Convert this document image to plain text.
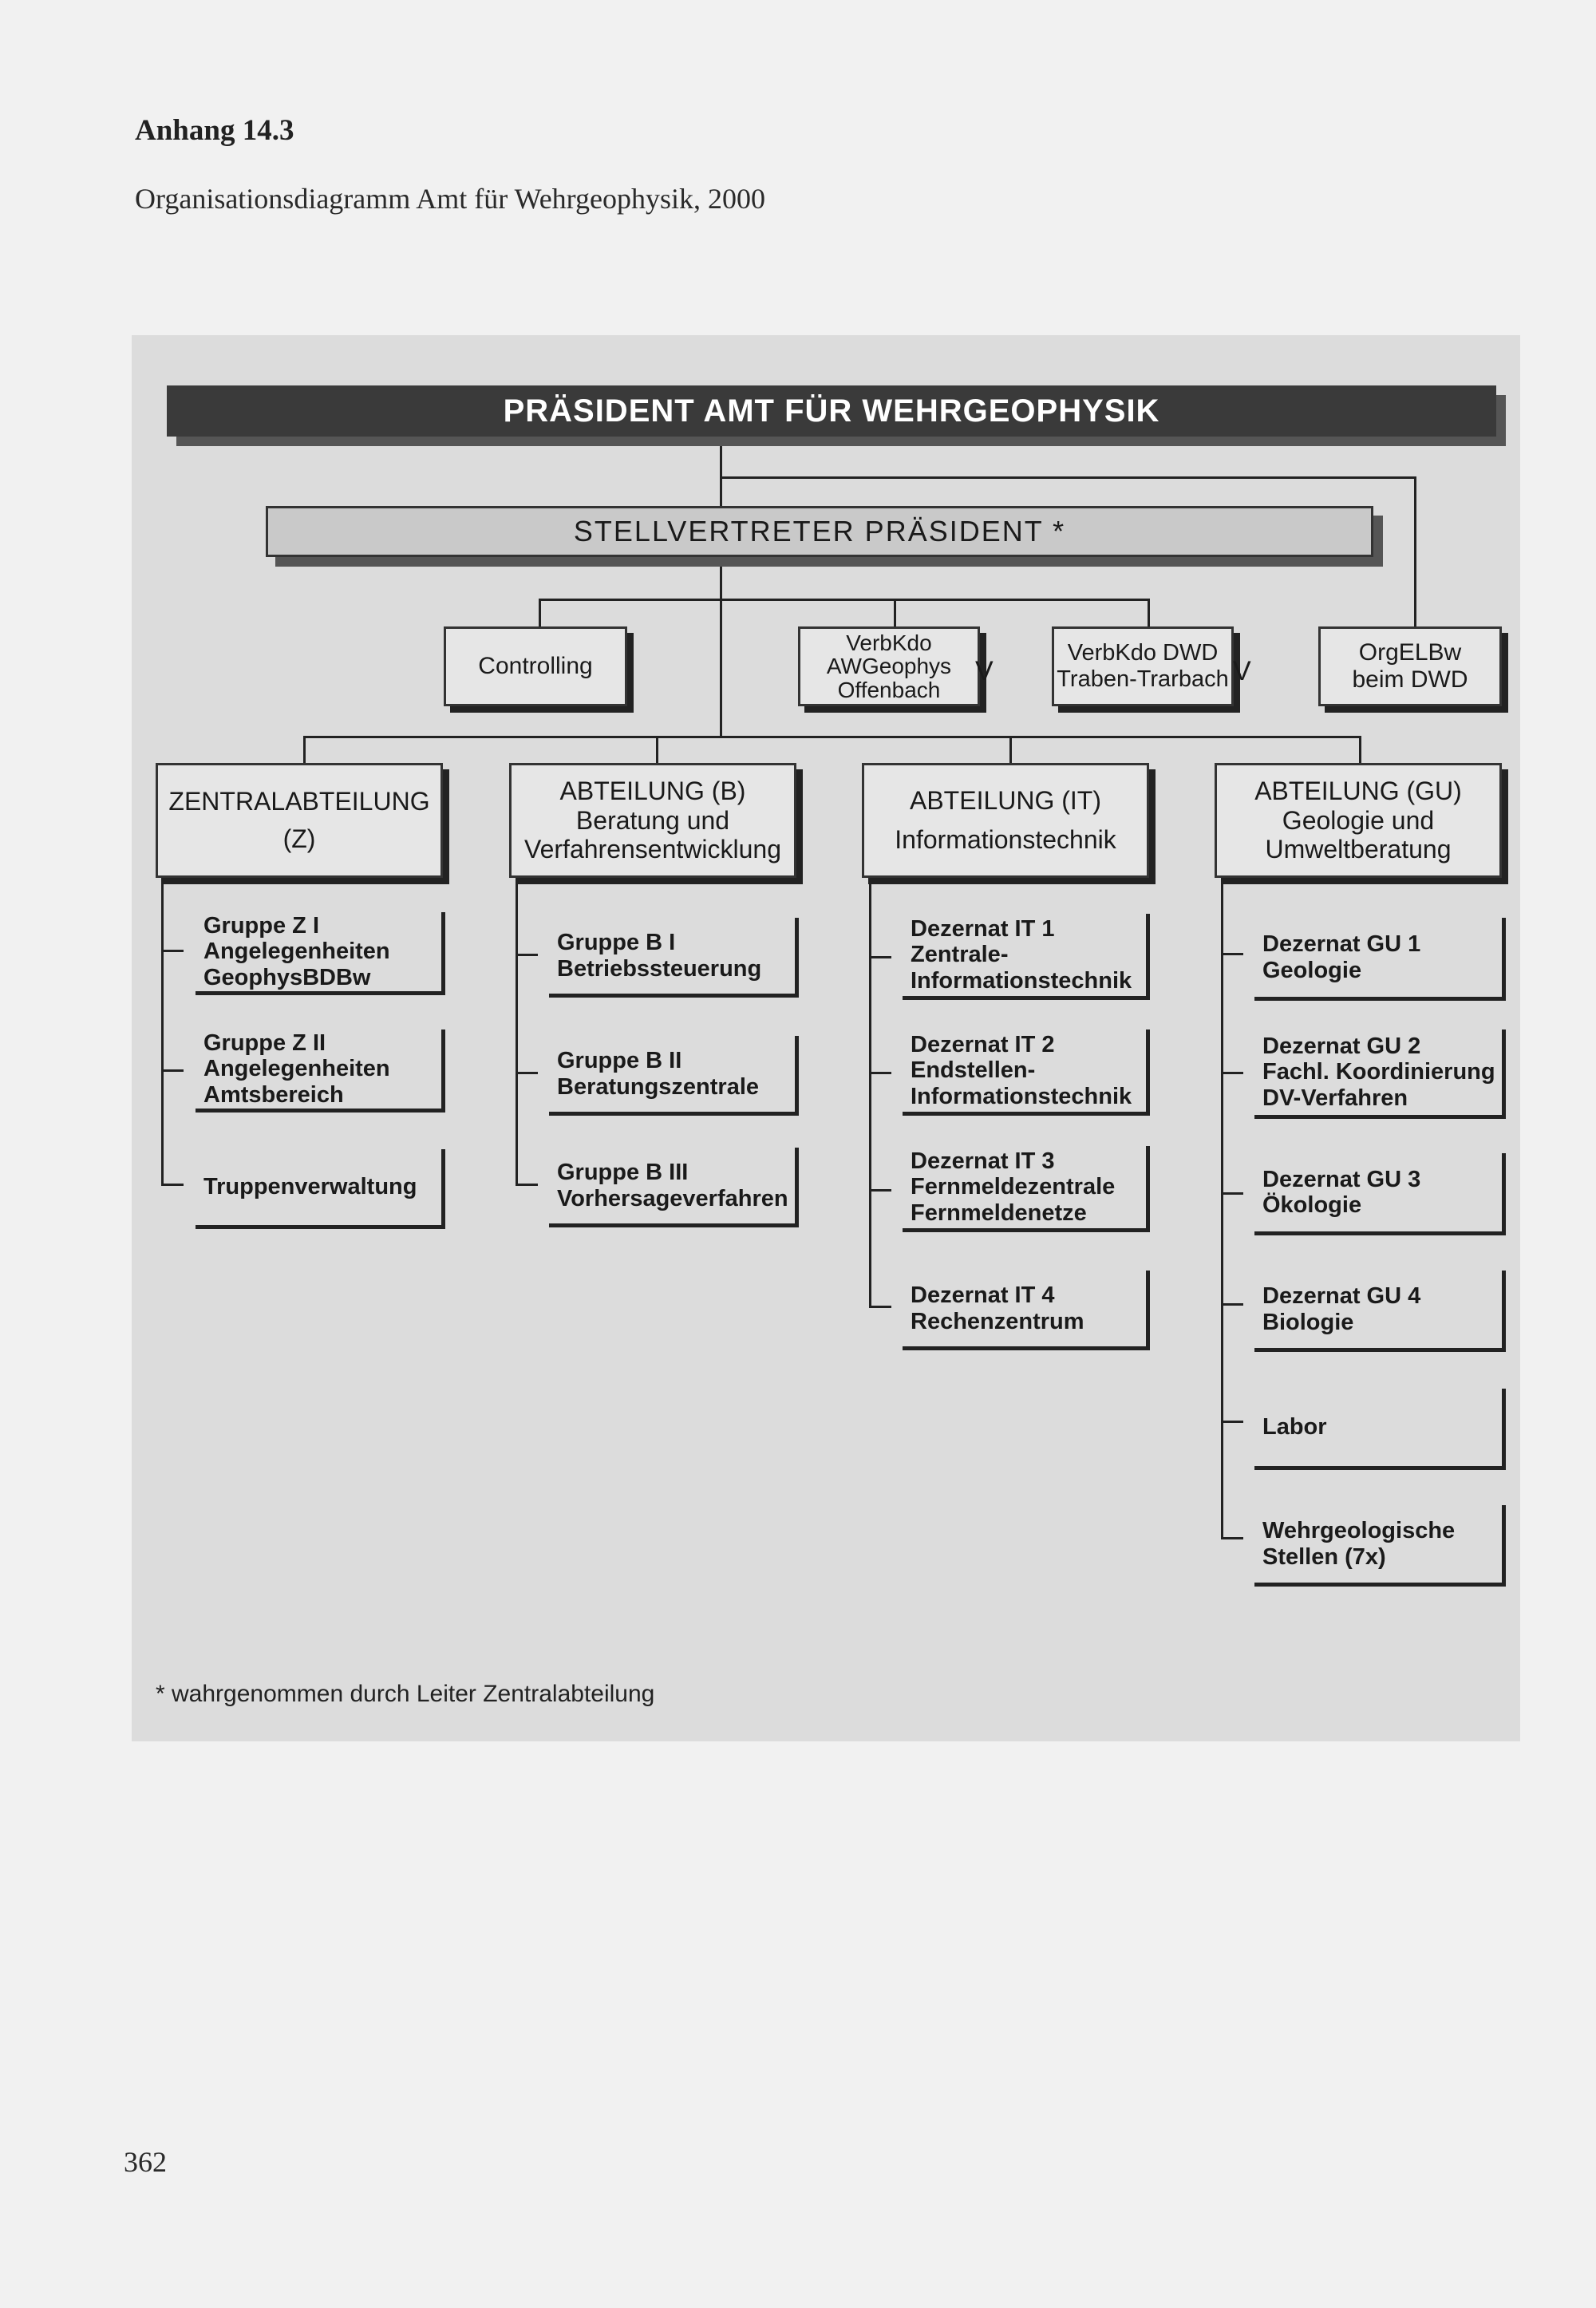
Anhang 14.3
Organisationsdiagramm Amt für Wehrgeophysik, 2000
PRÄSIDENT AMT FÜR WEHRGEOPHYSIK
STELLVERTRETER PRÄSIDENT *
Controlling
VerbKdo
AWGeophys
Offenbach
V
VerbKdo DWD
Traben-Trarbach V
OrgELBw
beim DWD
ZENTRALABTEILUNG
(Z)
ABTEILUNG (B)
Beratung und
Verfahrensentwicklung
ABTEILUNG (IT)
Informationstechnik
ABTEILUNG (GU)
Geologie und
Umweltberatung
Gruppe Z I
Angelegenheiten
GeophysBDBw
Gruppe Z II
Angelegenheiten
Amtsbereich
Truppenverwaltung
Gruppe B I
Betriebssteuerung
Gruppe B II
Beratungszentrale
Gruppe B III
Vorhersageverfahren
Dezernat IT 1
Zentrale-
Informationstechnik
Dezernat IT 2
Endstellen-
Informationstechnik
Dezernat IT 3
Fernmeldezentrale
Fernmeldenetze
Dezernat IT 4
Rechenzentrum
Dezernat GU 1
Geologie
Dezernat GU 2
Fachl. Koordinierung
DV-Verfahren
Dezernat GU 3
Ökologie
Dezernat GU 4
Biologie
Labor
Wehrgeologische
Stellen (7x)
* wahrgenommen durch Leiter Zentralabteilung
362
